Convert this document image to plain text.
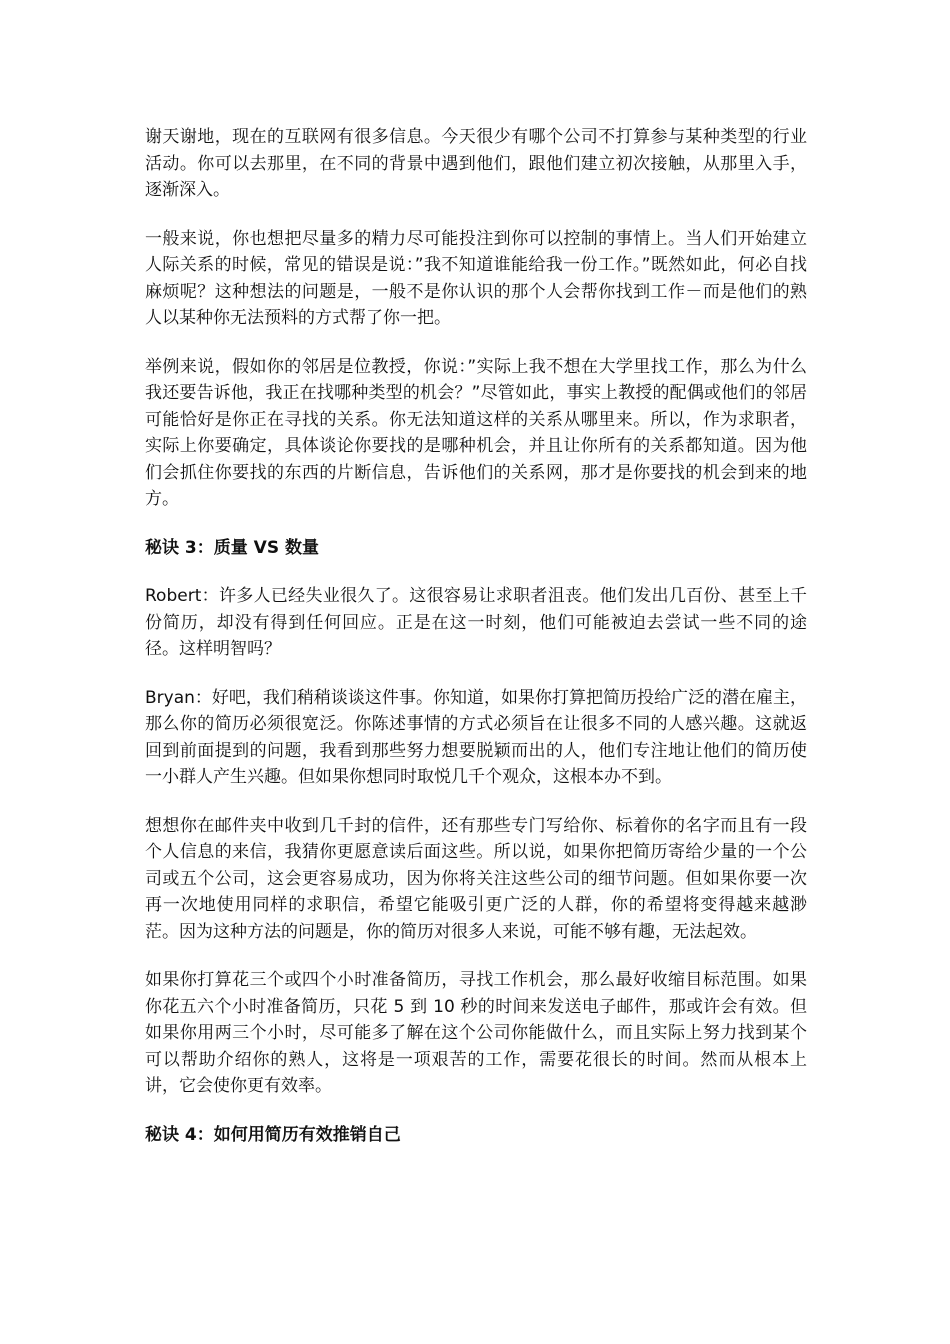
谢天谢地，现在的互联网有很多信息。今天很少有哪个公司不打算参与某种类型的行业活动。你可以去那里，在不同的背景中遇到他们，跟他们建立初次接触，从那里入手，逐渐深入。

一般来说，你也想把尽量多的精力尽可能投注到你可以控制的事情上。当人们开始建立人际关系的时候，常见的错误是说：”我不知道谁能给我一份工作。”既然如此，何必自找麻烦呢？这种想法的问题是，一般不是你认识的那个人会帮你找到工作－而是他们的熟人以某种你无法预料的方式帮了你一把。

举例来说，假如你的邻居是位教授，你说：”实际上我不想在大学里找工作，那么为什么我还要告诉他，我正在找哪种类型的机会？”尽管如此，事实上教授的配偶或他们的邻居可能恰好是你正在寻找的关系。你无法知道这样的关系从哪里来。所以，作为求职者，实际上你要确定，具体谈论你要找的是哪种机会，并且让你所有的关系都知道。因为他们会抓住你要找的东西的片断信息，告诉他们的关系网，那才是你要找的机会到来的地方。

秘诀 3：质量 VS 数量

Robert：许多人已经失业很久了。这很容易让求职者沮丧。他们发出几百份、甚至上千份简历，却没有得到任何回应。正是在这一时刻，他们可能被迫去尝试一些不同的途径。这样明智吗？

Bryan：好吧，我们稍稍谈谈这件事。你知道，如果你打算把简历投给广泛的潜在雇主，那么你的简历必须很宽泛。你陈述事情的方式必须旨在让很多不同的人感兴趣。这就返回到前面提到的问题，我看到那些努力想要脱颖而出的人，他们专注地让他们的简历使一小群人产生兴趣。但如果你想同时取悦几千个观众，这根本办不到。

想想你在邮件夹中收到几千封的信件，还有那些专门写给你、标着你的名字而且有一段个人信息的来信，我猜你更愿意读后面这些。所以说，如果你把简历寄给少量的一个公司或五个公司，这会更容易成功，因为你将关注这些公司的细节问题。但如果你要一次再一次地使用同样的求职信，希望它能吸引更广泛的人群，你的希望将变得越来越渺茫。因为这种方法的问题是，你的简历对很多人来说，可能不够有趣，无法起效。

如果你打算花三个或四个小时准备简历，寻找工作机会，那么最好收缩目标范围。如果你花五六个小时准备简历，只花 5 到 10 秒的时间来发送电子邮件，那或许会有效。但如果你用两三个小时，尽可能多了解在这个公司你能做什么，而且实际上努力找到某个可以帮助介绍你的熟人，这将是一项艰苦的工作，需要花很长的时间。然而从根本上讲，它会使你更有效率。

秘诀 4：如何用简历有效推销自己
